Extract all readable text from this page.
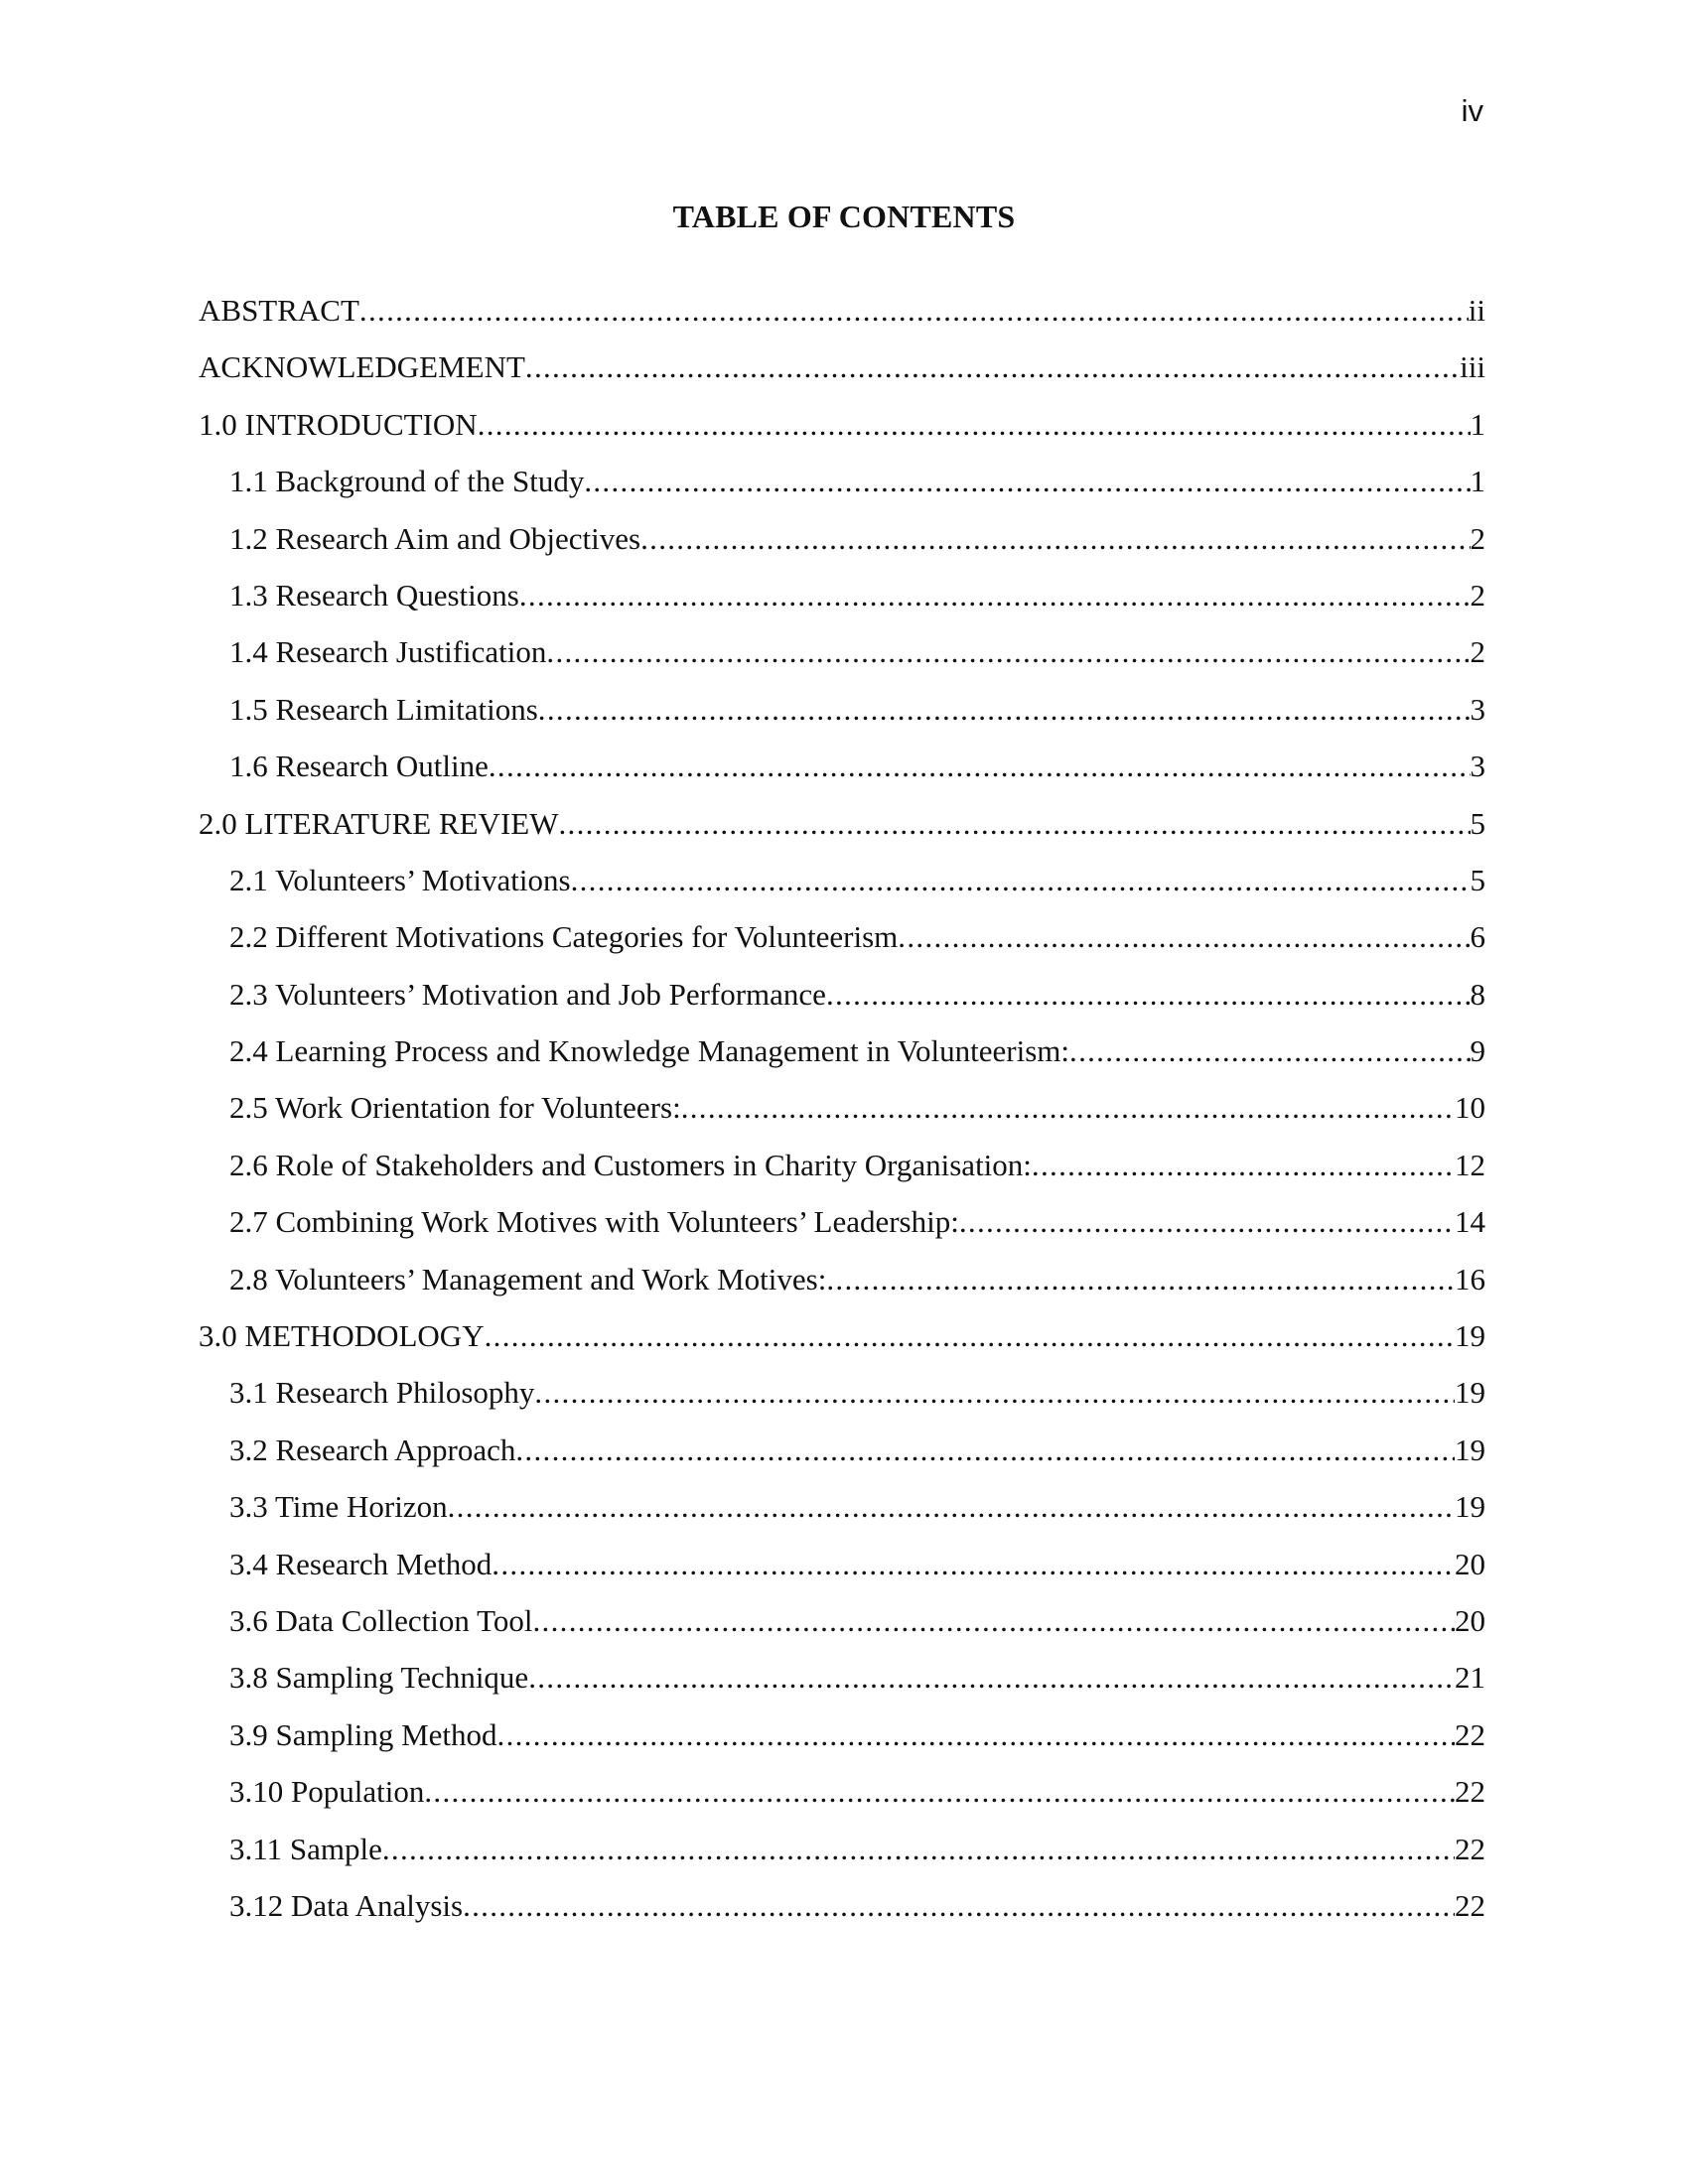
iv
TABLE OF CONTENTS
ABSTRACT .....	ii
ACKNOWLEDGEMENT .....	iii
1.0 INTRODUCTION .....	1
1.1 Background of the Study .....	1
1.2 Research Aim and Objectives .....	2
1.3 Research Questions .....	2
1.4 Research Justification .....	2
1.5 Research Limitations .....	3
1.6 Research Outline .....	3
2.0 LITERATURE REVIEW .....	5
2.1 Volunteers’ Motivations .....	5
2.2 Different Motivations Categories for Volunteerism .....	6
2.3 Volunteers’ Motivation and Job Performance .....	8
2.4 Learning Process and Knowledge Management in Volunteerism: .....	9
2.5 Work Orientation for Volunteers: .....	10
2.6 Role of Stakeholders and Customers in Charity Organisation: .....	12
2.7 Combining Work Motives with Volunteers’ Leadership: .....	14
2.8 Volunteers’ Management and Work Motives: .....	16
3.0 METHODOLOGY .....	19
3.1 Research Philosophy .....	19
3.2 Research Approach .....	19
3.3 Time Horizon .....	19
3.4 Research Method .....	20
3.6 Data Collection Tool .....	20
3.8 Sampling Technique .....	21
3.9 Sampling Method .....	22
3.10 Population .....	22
3.11 Sample .....	22
3.12 Data Analysis .....	22
